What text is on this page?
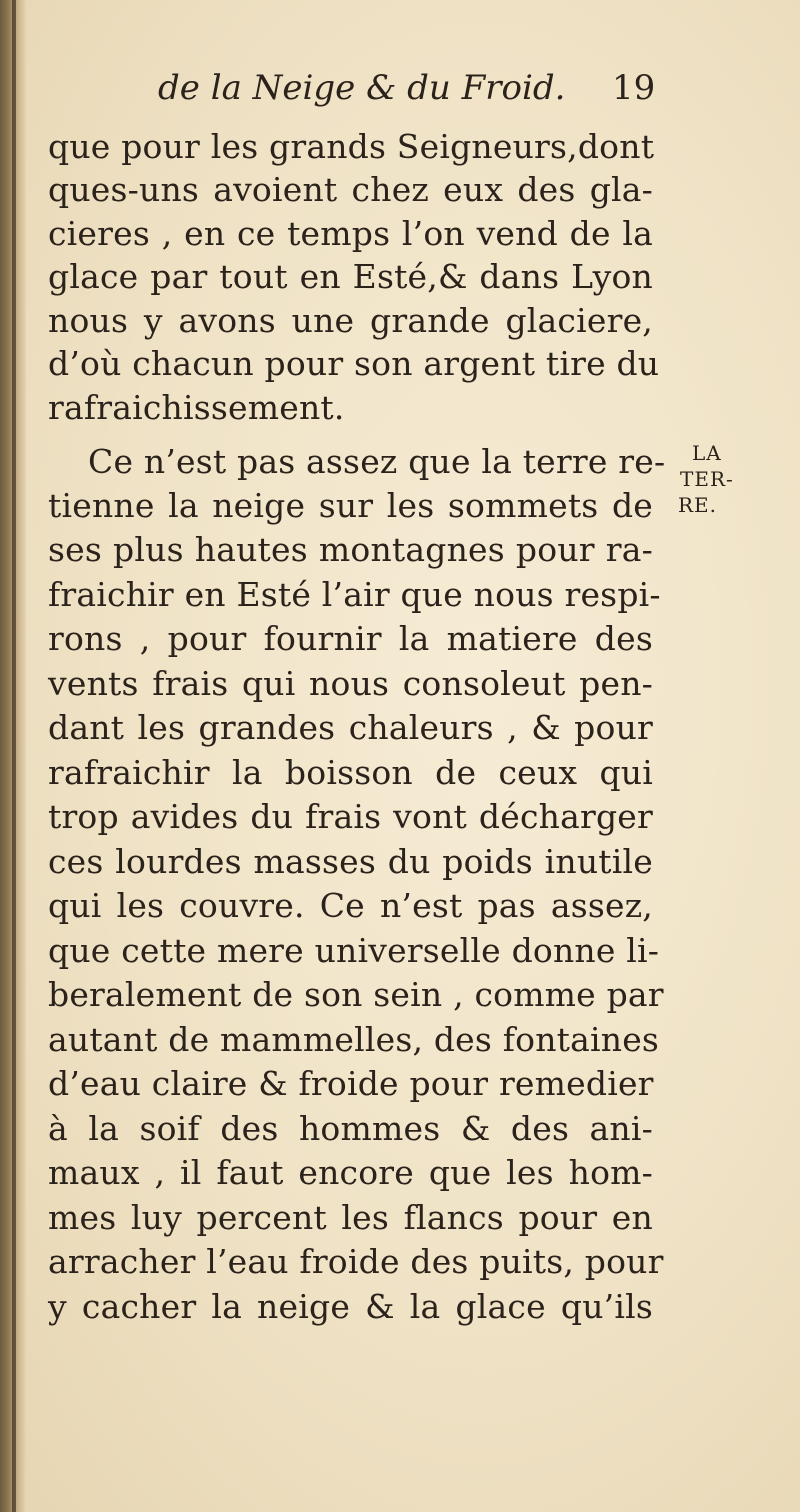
de la Neige & du Froid. 19
que pour les grands Seigneurs,dont
ques-uns avoient chez eux des gla-
cieres , en ce temps l’on vend de la
glace par tout en Esté,& dans Lyon
nous y avons une grande glaciere,
d’où chacun pour son argent tire du
rafraichissement.
Ce n’est pas assez que la terre re-
tienne la neige sur les sommets de
ses plus hautes montagnes pour ra-
fraichir en Esté l’air que nous respi-
rons , pour fournir la matiere des
vents frais qui nous consoleut pen-
dant les grandes chaleurs , & pour
rafraichir la boisson de ceux qui
trop avides du frais vont décharger
ces lourdes masses du poids inutile
qui les couvre. Ce n’est pas assez,
que cette mere universelle donne li-
beralement de son sein , comme par
autant de mammelles, des fontaines
d’eau claire & froide pour remedier
à la soif des hommes & des ani-
maux , il faut encore que les hom-
mes luy percent les flancs pour en
arracher l’eau froide des puits, pour
y cacher la neige & la glace qu’ils
LA
TER-
RE.
